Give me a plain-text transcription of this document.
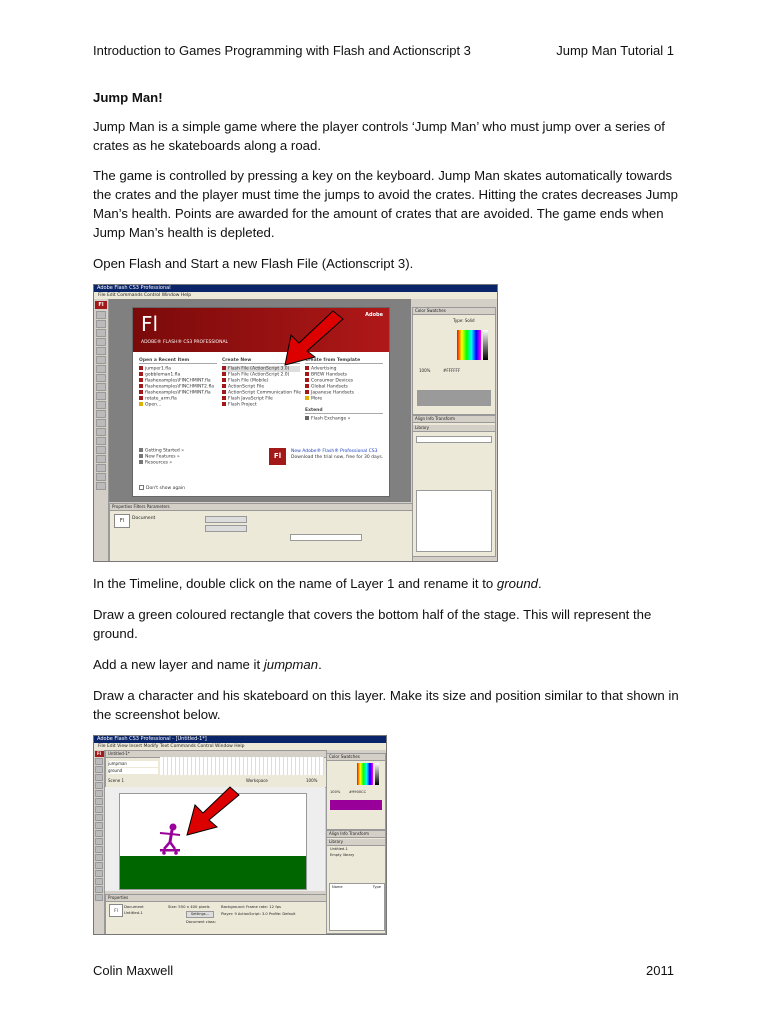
Introduction to Games Programming with Flash and Actionscript 3	Jump Man Tutorial 1
Jump Man!

Jump Man is a simple game where the player controls ‘Jump Man’ who must jump over a series of crates as he skateboards along a road.

The game is controlled by pressing a key on the keyboard. Jump Man skates automatically towards the crates and the player must time the jumps to avoid the crates. Hitting the crates decreases Jump Man’s health. Points are awarded for the amount of crates that are avoided. The game ends when Jump Man’s health is depleted.

Open Flash and Start a new Flash File (Actionscript 3).

Adobe Flash CS3 Professional
File Edit Commands Control Window Help
Fl
Fl
ADOBE® FLASH® CS3 PROFESSIONAL
Adobe
Open a Recent Item
jumper1.fla
gobbleman1.fla
flashexamples\FINCHMINT.fla
flashexamples\FINCHMINT2.fla
flashexamples\FINCHMINT.fla
rotate_arm.fla
Open...
Create New
Flash File (ActionScript 3.0)
Flash File (ActionScript 2.0)
Flash File (Mobile)
ActionScript File
ActionScript Communication File
Flash JavaScript File
Flash Project
Create from Template
Advertising
BREW Handsets
Consumer Devices
Global Handsets
Japanese Handsets
More
Extend
Flash Exchange »
Getting Started »
New Features »
Resources »
Fl
New Adobe® Flash® Professional CS3
Download the trial now, free for 30 days.
Don't show again
Properties Filters Parameters
Fl	Document
Color Swatches
Type: Solid
100%	#FFFFFF
Align Info Transform
Library

In the Timeline, double click on the name of Layer 1 and rename it to ground.

Draw a green coloured rectangle that covers the bottom half of the stage. This will represent the ground.

Add a new layer and name it jumpman.

Draw a character and his skateboard on this layer. Make its size and position similar to that shown in the screenshot below.

Adobe Flash CS3 Professional - [Untitled-1*]
File Edit View Insert Modify Text Commands Control Window Help
Fl	Untitled-1*
jumpman
ground
Scene 1	Workspace	100%
Properties
Fl
Document
Untitled-1
Size: 550 x 400 pixels	Background: Frame rate: 12 fps
Settings...	Player: 9 ActionScript: 3.0 Profile: Default
Document class:
Color Swatches
100% #9900CC
Align Info Transform
Library
Untitled-1
Empty library
Name	Type
Colin Maxwell	2011
